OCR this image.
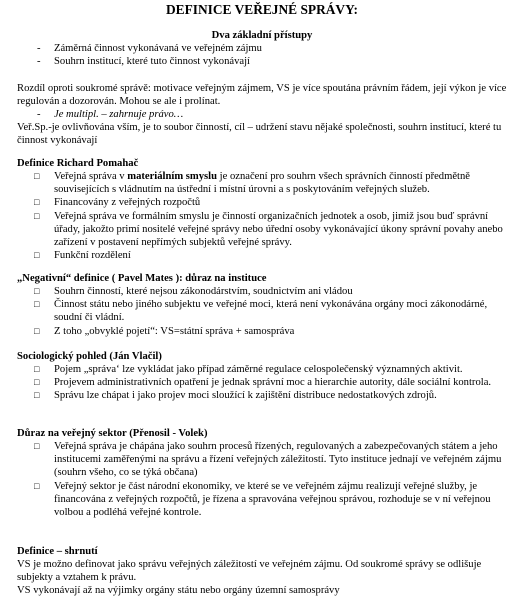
DEFINICE VEŘEJNÉ SPRÁVY:
Dva základní přístupy
- Záměrná činnost vykonávaná ve veřejném zájmu
- Souhrn institucí, které tuto činnost vykonávají

Rozdíl oproti soukromé správě: motivace veřejným zájmem, VS je více spoutána právním řádem, její výkon je více regulován a dozorován. Mohou se ale i prolínat.

- Je multipl. – zahrnuje právo…

Veř.Sp.-je ovlivňována vším, je to soubor činností, cíl – udržení stavu nějaké společnosti, souhrn institucí, které tu činnost vykonávají

Definice Richard Pomahač
□ Veřejná správa v materiálním smyslu je označení pro souhrn všech správních činností předmětně souvisejících s vládnutím na ústřední i místní úrovni a s poskytováním veřejných služeb.
□ Financovány z veřejných rozpočtů
□ Veřejná správa ve formálním smyslu je činností organizačních jednotek a osob, jimiž jsou buď správní úřady, jakožto primí nositelé veřejné správy nebo úřední osoby vykonávající úkony správní povahy anebo zařízení v postavení nepřímých subjektů veřejné správy.
□ Funkční rozdělení
„Negativní“ definice ( Pavel Mates ): důraz na instituce
□ Souhrn činností, které nejsou zákonodárstvím, soudnictvím ani vládou
□ Činnost státu nebo jiného subjektu ve veřejné moci, která není vykonávána orgány moci zákonodárné, soudní či vládní.
□ Z toho „obvyklé pojetí“: VS=státní správa + samospráva
Sociologický pohled (Ján Vlačil)
□ Pojem „správa‘ lze vykládat jako případ záměrné regulace celospolečenský významných aktivit.
□ Projevem administrativních opatření je jednak správní moc a hierarchie autority, dále sociální kontrola.
□ Správu lze chápat i jako projev moci sloužící k zajištění distribuce nedostatkových zdrojů.
Důraz na veřejný sektor (Přenosil - Volek)
□ Veřejná správa je chápána jako souhrn procesů řízených, regulovaných a zabezpečovaných státem a jeho institucemi zaměřenými na správu a řízení veřejných záležitostí. Tyto instituce jednají ve veřejném zájmu (souhrn všeho, co se týká občana)
□ Veřejný sektor je část národní ekonomiky, ve které se ve veřejném zájmu realizují veřejné služby, je financována z veřejných rozpočtů, je řízena a spravována veřejnou správou, rozhoduje se v ní veřejnou volbou a podléhá veřejné kontrole.
Definice – shrnutí

VS je možno definovat jako správu veřejných záležitostí ve veřejném zájmu. Od soukromé správy se odlišuje subjekty a vztahem k právu.

VS vykonávají až na výjimky orgány státu nebo orgány územní samosprávy
